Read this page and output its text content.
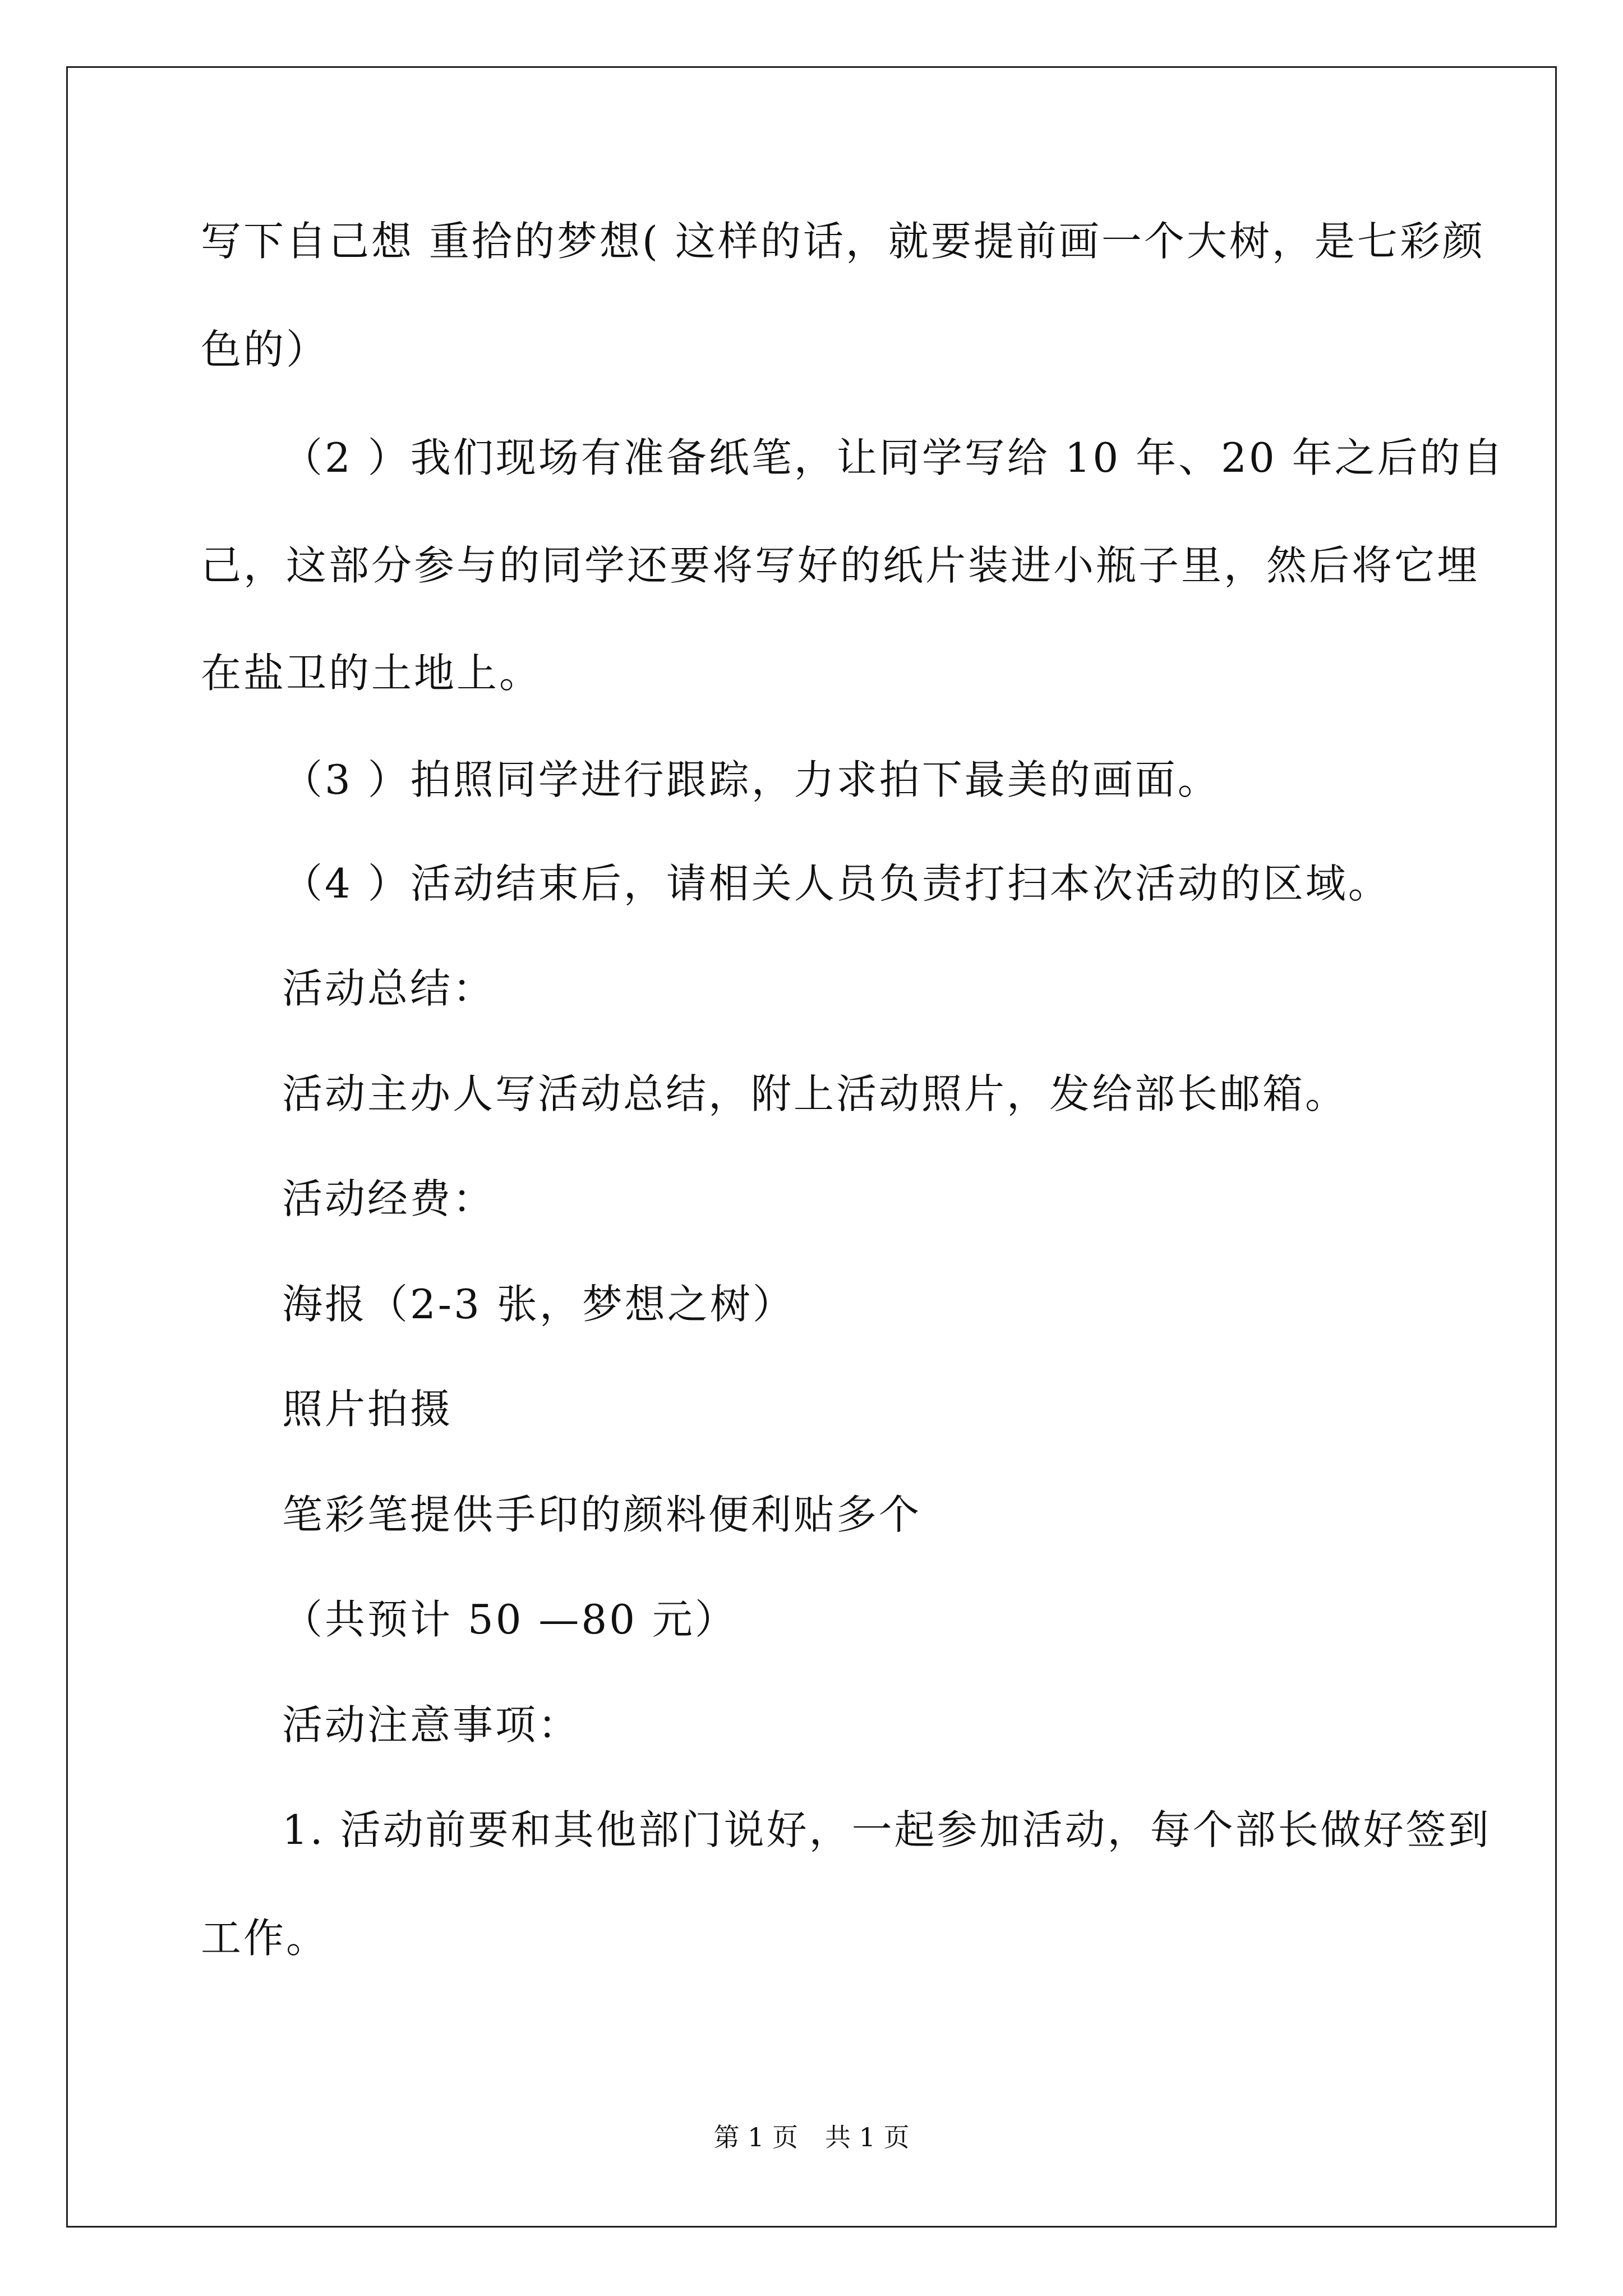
写下自己想 重拾的梦想( 这样的话，就要提前画一个大树，是七彩颜

色的）

（2 ）我们现场有准备纸笔，让同学写给 10 年、20 年之后的自

己，这部分参与的同学还要将写好的纸片装进小瓶子里，然后将它埋

在盐卫的土地上。

（3 ）拍照同学进行跟踪，力求拍下最美的画面。

（4 ）活动结束后，请相关人员负责打扫本次活动的区域。

活动总结：

活动主办人写活动总结，附上活动照片，发给部长邮箱。

活动经费：

海报（2-3 张，梦想之树）

照片拍摄

笔彩笔提供手印的颜料便利贴多个

（共预计 50 —80 元）

活动注意事项：

1. 活动前要和其他部门说好，一起参加活动，每个部长做好签到

工作。

第 1 页 共 1 页
